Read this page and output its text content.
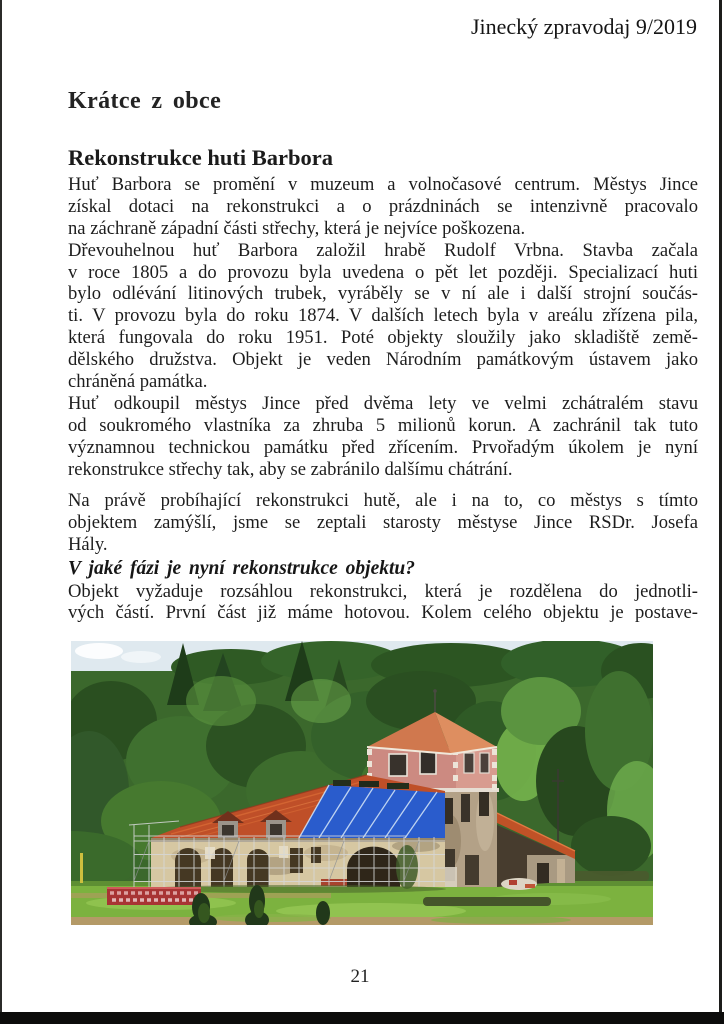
Jinecký zpravodaj 9/2019
Krátce z obce
Rekonstrukce huti Barbora
Huť Barbora se promění v muzeum a volnočasové centrum. Městys Jince
získal dotaci na rekonstrukci a o prázdninách se intenzivně pracovalo
na záchraně západní části střechy, která je nejvíce poškozena.
Dřevouhelnou huť Barbora založil hrabě Rudolf Vrbna. Stavba začala
v roce 1805 a do provozu byla uvedena o pět let později. Specializací huti
bylo odlévání litinových trubek, vyráběly se v ní ale i další strojní součás-
ti. V provozu byla do roku 1874. V dalších letech byla v areálu zřízena pila,
která fungovala do roku 1951. Poté objekty sloužily jako skladiště země-
dělského družstva. Objekt je veden Národním památkovým ústavem jako
chráněná památka.
Huť odkoupil městys Jince před dvěma lety ve velmi zchátralém stavu
od soukromého vlastníka za zhruba 5 milionů korun. A zachránil tak tuto
významnou technickou památku před zřícením. Prvořadým úkolem je nyní
rekonstrukce střechy tak, aby se zabránilo dalšímu chátrání.
Na právě probíhající rekonstrukci hutě, ale i na to, co městys s tímto
objektem zamýšlí, jsme se zeptali starosty městyse Jince RSDr. Josefa
Hály.
V jaké fázi je nyní rekonstrukce objektu?
Objekt vyžaduje rozsáhlou rekonstrukci, která je rozdělena do jednotli-
vých částí. První část již máme hotovou. Kolem celého objektu je postave-
21
